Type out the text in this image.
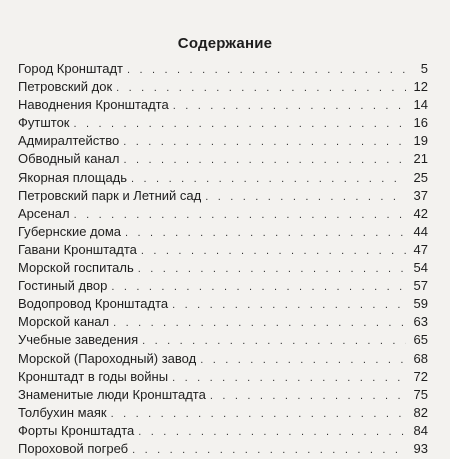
Содержание
Город Кронштадт . . .	5
Петровский док . . .	12
Наводнения Кронштадта . . .	14
Футшток . . .	16
Адмиралтейство . . .	19
Обводный канал . . .	21
Якорная площадь . . .	25
Петровский парк и Летний сад . . .	37
Арсенал . . .	42
Губернские дома . . .	44
Гавани Кронштадта . . .	47
Морской госпиталь . . .	54
Гостиный двор . . .	57
Водопровод Кронштадта . . .	59
Морской канал . . .	63
Учебные заведения . . .	65
Морской (Пароходный) завод . . .	68
Кронштадт в годы войны . . .	72
Знаменитые люди Кронштадта . . .	75
Толбухин маяк . . .	82
Форты Кронштадта . . .	84
Пороховой погреб . . .	93
